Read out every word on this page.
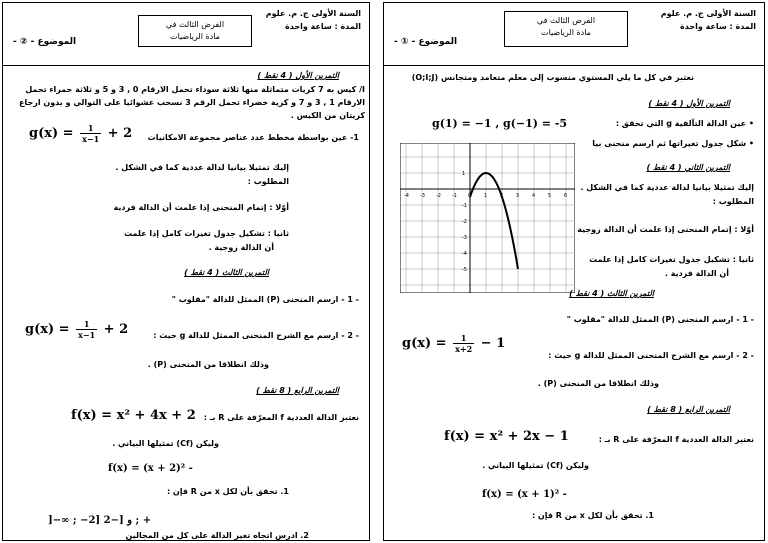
السنة الأولى ج. م. علوم
المدة : ساعة واحدة
الفرض الثالث في
مادة الرياضيات
الموضوع - ② -
التمرين الأول ( 4 نقط )
I/ كيس به 7 كريات متماثلة منها ثلاثة سوداء تحمل الارقام 0 , 3 و 5 و ثلاثة حمراء تحمل
الارقام 1 , 3 و 7 و كرية خضراء تحمل الرقم 3 نسحب عشوائيا على التوالي و بدون ارجاع
كريتان من الكيس .
1- عين بواسطة مخطط عدد عناصر مجموعة الامكانيات
$g(x) = \frac{1}{x-1} + 2$
إليك تمثيلا بيانيا لدالة عددية كما في الشكل .
المطلوب :
أوّلا : إتمام المنحنى إذا علمت أن الدالة فردية
ثانيا : تشكيل جدول تغيرات كامل إذا علمت
أن الدالة زوجية .
التمرين الثالث ( 4 نقط )
- 1 - ارسم المنحنى (P) الممثل للدالة "مقلوب "
- 2 - ارسم مع الشرح المنحنى الممثل للدالة g حيث :
$g(x) = \frac{1}{x-1} + 2$
وذلك انطلاقا من المنحنى (P) .
التمرين الرابع ( 8 نقط )
نعتبر الدالة العددية f المعرّفة على R بـ :
f(x) = x² + 4x + 2
وليكن (Cf) تمثيلها البياني .
f(x) = (x + 2)² -
1. تحقق بأن لكل x من R فإن :
]−∞ ; −2] و [−2 ; +
2. ادرس اتجاه تغير الدالة على كل من المجالين
السنة الأولى ج. م. علوم
المدة : ساعة واحدة
الفرض الثالث في
مادة الرياضيات
الموضوع - ① -
نعتبر في كل ما يلي المستوي منسوب إلى معلم متعامد ومتجانس (O;I;J)
التمرين الأول ( 4 نقط )
• عين الدالة التآلفية g التي تحقق :
g(1) = −1 , g(−1) = -5
• شكل جدول تغيراتها ثم ارسم منحنى بيا
-4 -3 -2 -1 0	1	2	3	4	5	6
1
-1
-2
-3
-4
-5
التمرين الثاني ( 4 نقط )
إليك تمثيلا بيانيا لدالة عددية كما في الشكل .
المطلوب :
أوّلا : إتمام المنحنى إذا علمت أن الدالة زوجية
ثانيا : تشكيل جدول تغيرات كامل إذا علمت
أن الدالة فردية .
التمرين الثالث ( 4 نقط )
- 1 - ارسم المنحنى (P) الممثل للدالة "مقلوب "
- 2 - ارسم مع الشرح المنحنى الممثل للدالة g حيث :
$g(x) = \frac{1}{x+2} - 1$
وذلك انطلاقا من المنحنى (P) .
التمرين الرابع ( 8 نقط )
نعتبر الدالة العددية f المعرّفة على R بـ :
f(x) = x² + 2x − 1
وليكن (Cf) تمثيلها البياني .
f(x) = (x + 1)² -
1. تحقق بأن لكل x من R فإن :
